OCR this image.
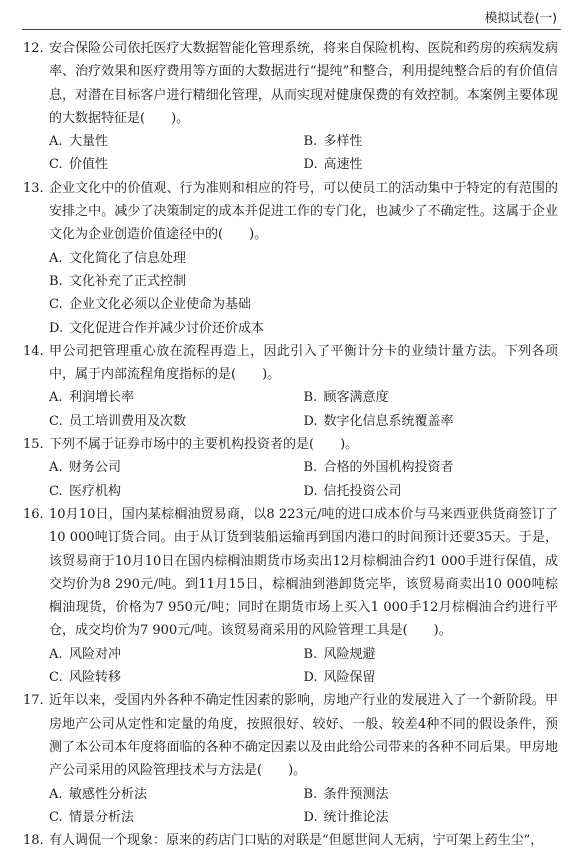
模拟试卷(一)
12. 安合保险公司依托医疗大数据智能化管理系统，将来自保险机构、医院和药房的疾病发病率、治疗效果和医疗费用等方面的大数据进行“提纯”和整合，利用提纯整合后的有价值信息，对潜在目标客户进行精细化管理，从而实现对健康保费的有效控制。本案例主要体现的大数据特征是(　　)。
A. 大量性	B. 多样性
C. 价值性	D. 高速性
13. 企业文化中的价值观、行为准则和相应的符号，可以使员工的活动集中于特定的有范围的安排之中。减少了决策制定的成本并促进工作的专门化，也减少了不确定性。这属于企业文化为企业创造价值途径中的(　　)。
A. 文化简化了信息处理
B. 文化补充了正式控制
C. 企业文化必须以企业使命为基础
D. 文化促进合作并减少讨价还价成本
14. 甲公司把管理重心放在流程再造上，因此引入了平衡计分卡的业绩计量方法。下列各项中，属于内部流程角度指标的是(　　)。
A. 利润增长率	B. 顾客满意度
C. 员工培训费用及次数	D. 数字化信息系统覆盖率
15. 下列不属于证券市场中的主要机构投资者的是(　　)。
A. 财务公司	B. 合格的外国机构投资者
C. 医疗机构	D. 信托投资公司
16. 10月10日，国内某棕榈油贸易商，以8 223元/吨的进口成本价与马来西亚供货商签订了10 000吨订货合同。由于从订货到装船运输再到国内港口的时间预计还要35天。于是，该贸易商于10月10日在国内棕榈油期货市场卖出12月棕榈油合约1 000手进行保值，成交均价为8 290元/吨。到11月15日，棕榈油到港卸货完毕，该贸易商卖出10 000吨棕榈油现货，价格为7 950元/吨；同时在期货市场上买入1 000手12月棕榈油合约进行平仓，成交均价为7 900元/吨。该贸易商采用的风险管理工具是(　　)。
A. 风险对冲	B. 风险规避
C. 风险转移	D. 风险保留
17. 近年以来，受国内外各种不确定性因素的影响，房地产行业的发展进入了一个新阶段。甲房地产公司从定性和定量的角度，按照很好、较好、一般、较差4种不同的假设条件，预测了本公司本年度将面临的各种不确定因素以及由此给公司带来的各种不同后果。甲房地产公司采用的风险管理技术与方法是(　　)。
A. 敏感性分析法	B. 条件预测法
C. 情景分析法	D. 统计推论法
18. 有人调侃一个现象：原来的药店门口贴的对联是“但愿世间人无病，宁可架上药生尘”，
